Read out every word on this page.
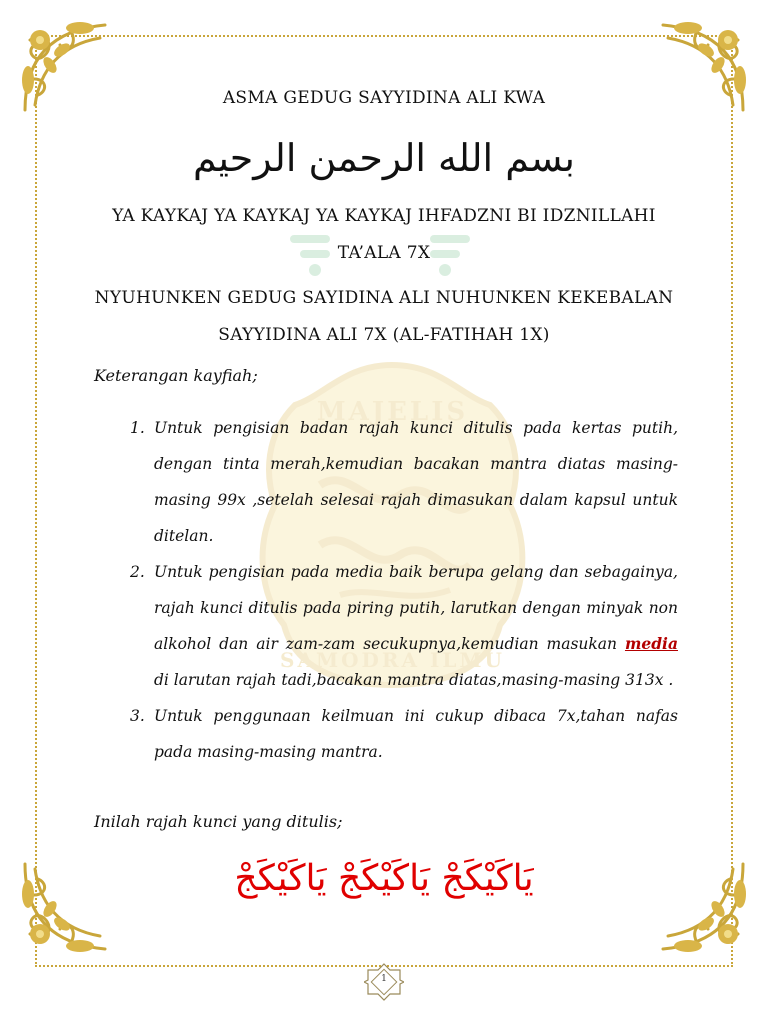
MAJELIS
SAMODRA ILMU
ASMA GEDUG SAYYIDINA ALI KWA
بسم الله الرحمن الرحيم
YA KAYKAJ YA KAYKAJ YA KAYKAJ IHFADZNI BI IDZNILLAHI
TA’ALA 7X
NYUHUNKEN GEDUG SAYIDINA ALI NUHUNKEN KEKEBALAN
SAYYIDINA ALI 7X (AL-FATIHAH 1X)
Keterangan kayfiah;
1. Untuk pengisian badan rajah kunci ditulis pada kertas putih, dengan tinta merah,kemudian bacakan mantra diatas masing-masing 99x ,setelah selesai rajah dimasukan dalam kapsul untuk ditelan.
2. Untuk pengisian pada media baik berupa gelang dan sebagainya, rajah kunci ditulis pada piring putih, larutkan dengan minyak non alkohol dan air zam-zam secukupnya,kemudian masukan media di larutan rajah tadi,bacakan mantra diatas,masing-masing 313x .
3. Untuk penggunaan keilmuan ini cukup dibaca 7x,tahan nafas pada masing-masing mantra.
Inilah rajah kunci yang ditulis;
يَاكَيْكَجْ يَاكَيْكَجْ يَاكَيْكَجْ
1
